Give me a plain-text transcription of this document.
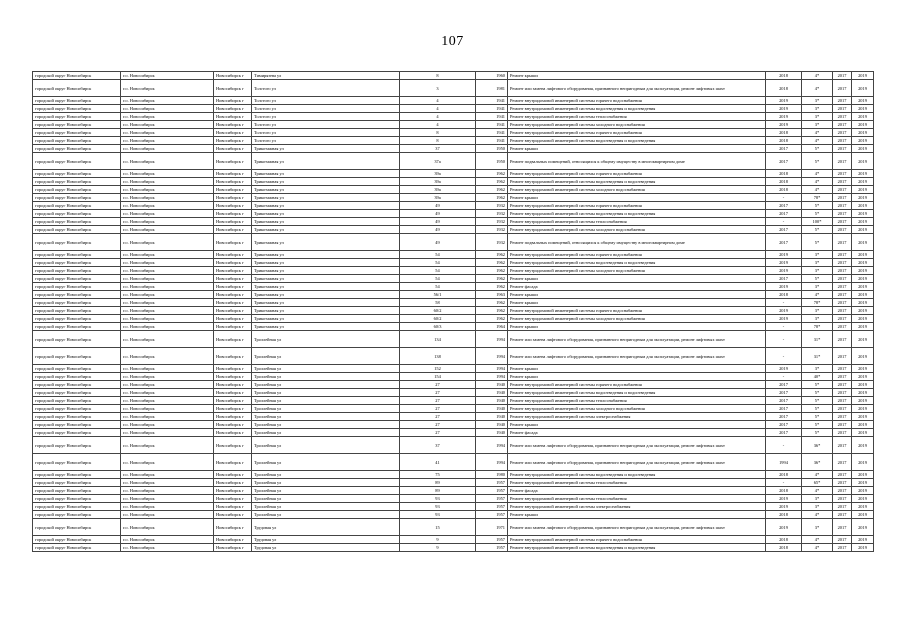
107
городской округ Новосибирск	г.о. Новосибирск	Новосибирск г	Тимирязева ул	8	1960	Ремонт крыши	2018	4*	2017	2019
городской округ Новосибирск	г.о. Новосибирск	Новосибирск г	Толстого ул	3	1981	Ремонт или замена лифтового оборудования, признанного непригодным для эксплуатации, ремонт лифтовых шахт	2018	4*	2017	2019
городской округ Новосибирск	г.о. Новосибирск	Новосибирск г	Толстого ул	4	1941	Ремонт внутридомовой инженерной системы горячего водоснабжения	2019	3*	2017	2019
городской округ Новосибирск	г.о. Новосибирск	Новосибирск г	Толстого ул	4	1941	Ремонт внутридомовой инженерной системы водоотведения и водоотведения	2019	3*	2017	2019
городской округ Новосибирск	г.о. Новосибирск	Новосибирск г	Толстого ул	4	1941	Ремонт внутридомовой инженерной системы теплоснабжения	2019	3*	2017	2019
городской округ Новосибирск	г.о. Новосибирск	Новосибирск г	Толстого ул	4	1941	Ремонт внутридомовой инженерной системы холодного водоснабжения	2019	3*	2017	2019
городской округ Новосибирск	г.о. Новосибирск	Новосибирск г	Толстого ул	8	1941	Ремонт внутридомовой инженерной системы горячего водоснабжения	2018	4*	2017	2019
городской округ Новосибирск	г.о. Новосибирск	Новосибирск г	Толстого ул	8	1941	Ремонт внутридомовой инженерной системы водоотведения и водоотведения	2018	4*	2017	2019
городской округ Новосибирск	г.о. Новосибирск	Новосибирск г	Трикотажная ул	37	1950	Ремонт крыши	2017	5*	2017	2019
городской округ Новосибирск	г.о. Новосибирск	Новосибирск г	Трикотажная ул	37а	1950	Ремонт подвальных помещений, относящихся к общему имуществу в многоквартирном доме	2017	5*	2017	2019
городской округ Новосибирск	г.о. Новосибирск	Новосибирск г	Трикотажная ул	39а	1962	Ремонт внутридомовой инженерной системы горячего водоснабжения	2018	4*	2017	2019
городской округ Новосибирск	г.о. Новосибирск	Новосибирск г	Трикотажная ул	39а	1962	Ремонт внутридомовой инженерной системы водоотведения и водоотведения	2018	4*	2017	2019
городской округ Новосибирск	г.о. Новосибирск	Новосибирск г	Трикотажная ул	39а	1962	Ремонт внутридомовой инженерной системы холодного водоснабжения	2018	4*	2017	2019
городской округ Новосибирск	г.о. Новосибирск	Новосибирск г	Трикотажная ул	39а	1962	Ремонт крыши	-	78*	2017	2019
городской округ Новосибирск	г.о. Новосибирск	Новосибирск г	Трикотажная ул	49	1932	Ремонт внутридомовой инженерной системы горячего водоснабжения	2017	5*	2017	2019
городской округ Новосибирск	г.о. Новосибирск	Новосибирск г	Трикотажная ул	49	1932	Ремонт внутридомовой инженерной системы водоотведения и водоотведения	2017	5*	2017	2019
городской округ Новосибирск	г.о. Новосибирск	Новосибирск г	Трикотажная ул	49	1932	Ремонт внутридомовой инженерной системы теплоснабжения	-	100*	2017	2019
городской округ Новосибирск	г.о. Новосибирск	Новосибирск г	Трикотажная ул	49	1932	Ремонт внутридомовой инженерной системы холодного водоснабжения	2017	5*	2017	2019
городской округ Новосибирск	г.о. Новосибирск	Новосибирск г	Трикотажная ул	49	1932	Ремонт подвальных помещений, относящихся к общему имуществу в многоквартирном доме	2017	5*	2017	2019
городской округ Новосибирск	г.о. Новосибирск	Новосибирск г	Трикотажная ул	54	1962	Ремонт внутридомовой инженерной системы горячего водоснабжения	2019	3*	2017	2019
городской округ Новосибирск	г.о. Новосибирск	Новосибирск г	Трикотажная ул	54	1962	Ремонт внутридомовой инженерной системы водоотведения и водоотведения	2019	3*	2017	2019
городской округ Новосибирск	г.о. Новосибирск	Новосибирск г	Трикотажная ул	54	1962	Ремонт внутридомовой инженерной системы холодного водоснабжения	2019	3*	2017	2019
городской округ Новосибирск	г.о. Новосибирск	Новосибирск г	Трикотажная ул	54	1962	Ремонт крыши	2017	5*	2017	2019
городской округ Новосибирск	г.о. Новосибирск	Новосибирск г	Трикотажная ул	54	1962	Ремонт фасада	2019	3*	2017	2019
городской округ Новосибирск	г.о. Новосибирск	Новосибирск г	Трикотажная ул	56/1	1963	Ремонт крыши	2018	4*	2017	2019
городской округ Новосибирск	г.о. Новосибирск	Новосибирск г	Трикотажная ул	58	1962	Ремонт крыши	-	78*	2017	2019
городской округ Новосибирск	г.о. Новосибирск	Новосибирск г	Трикотажная ул	60/2	1962	Ремонт внутридомовой инженерной системы горячего водоснабжения	2019	3*	2017	2019
городской округ Новосибирск	г.о. Новосибирск	Новосибирск г	Трикотажная ул	60/2	1962	Ремонт внутридомовой инженерной системы холодного водоснабжения	2019	3*	2017	2019
городской округ Новосибирск	г.о. Новосибирск	Новосибирск г	Трикотажная ул	60/3	1964	Ремонт крыши	-	78*	2017	2019
городской округ Новосибирск	г.о. Новосибирск	Новосибирск г	Троллейная ул	134	1994	Ремонт или замена лифтового оборудования, признанного непригодным для эксплуатации, ремонт лифтовых шахт	-	31*	2017	2019
городской округ Новосибирск	г.о. Новосибирск	Новосибирск г	Троллейная ул	138	1994	Ремонт или замена лифтового оборудования, признанного непригодным для эксплуатации, ремонт лифтовых шахт	-	31*	2017	2019
городской округ Новосибирск	г.о. Новосибирск	Новосибирск г	Троллейная ул	152	1994	Ремонт крыши	2019	3*	2017	2019
городской округ Новосибирск	г.о. Новосибирск	Новосибирск г	Троллейная ул	154	1994	Ремонт крыши	-	40*	2017	2019
городской округ Новосибирск	г.о. Новосибирск	Новосибирск г	Троллейная ул	27	1940	Ремонт внутридомовой инженерной системы горячего водоснабжения	2017	5*	2017	2019
городской округ Новосибирск	г.о. Новосибирск	Новосибирск г	Троллейная ул	27	1940	Ремонт внутридомовой инженерной системы водоотведения и водоотведения	2017	5*	2017	2019
городской округ Новосибирск	г.о. Новосибирск	Новосибирск г	Троллейная ул	27	1940	Ремонт внутридомовой инженерной системы теплоснабжения	2017	5*	2017	2019
городской округ Новосибирск	г.о. Новосибирск	Новосибирск г	Троллейная ул	27	1940	Ремонт внутридомовой инженерной системы холодного водоснабжения	2017	5*	2017	2019
городской округ Новосибирск	г.о. Новосибирск	Новосибирск г	Троллейная ул	27	1940	Ремонт внутридомовой инженерной системы электроснабжения	2017	5*	2017	2019
городской округ Новосибирск	г.о. Новосибирск	Новосибирск г	Троллейная ул	27	1940	Ремонт крыши	2017	5*	2017	2019
городской округ Новосибирск	г.о. Новосибирск	Новосибирск г	Троллейная ул	27	1940	Ремонт фасада	2017	5*	2017	2019
городской округ Новосибирск	г.о. Новосибирск	Новосибирск г	Троллейная ул	37	1994	Ремонт или замена лифтового оборудования, признанного непригодным для эксплуатации, ремонт лифтовых шахт	-	36*	2017	2019
городской округ Новосибирск	г.о. Новосибирск	Новосибирск г	Троллейная ул	41	1994	Ремонт или замена лифтового оборудования, признанного непригодным для эксплуатации, ремонт лифтовых шахт	1994	36*	2017	2019
городской округ Новосибирск	г.о. Новосибирск	Новосибирск г	Троллейная ул	75	1980	Ремонт внутридомовой инженерной системы водоотведения и водоотведения	2018	4*	2017	2019
городской округ Новосибирск	г.о. Новосибирск	Новосибирск г	Троллейная ул	89	1957	Ремонт внутридомовой инженерной системы теплоснабжения	-	65*	2017	2019
городской округ Новосибирск	г.о. Новосибирск	Новосибирск г	Троллейная ул	89	1957	Ремонт фасада	2018	4*	2017	2019
городской округ Новосибирск	г.о. Новосибирск	Новосибирск г	Троллейная ул	93	1957	Ремонт внутридомовой инженерной системы теплоснабжения	2019	3*	2017	2019
городской округ Новосибирск	г.о. Новосибирск	Новосибирск г	Троллейная ул	93	1957	Ремонт внутридомовой инженерной системы электроснабжения	2019	3*	2017	2019
городской округ Новосибирск	г.о. Новосибирск	Новосибирск г	Троллейная ул	93	1957	Ремонт крыши	2018	4*	2017	2019
городской округ Новосибирск	г.о. Новосибирск	Новосибирск г	Трудовая ул	15	1971	Ремонт или замена лифтового оборудования, признанного непригодным для эксплуатации, ремонт лифтовых шахт	2019	3*	2017	2019
городской округ Новосибирск	г.о. Новосибирск	Новосибирск г	Трудовая ул	9	1957	Ремонт внутридомовой инженерной системы горячего водоснабжения	2018	4*	2017	2019
городской округ Новосибирск	г.о. Новосибирск	Новосибирск г	Трудовая ул	9	1957	Ремонт внутридомовой инженерной системы водоотведения и водоотведения	2018	4*	2017	2019
